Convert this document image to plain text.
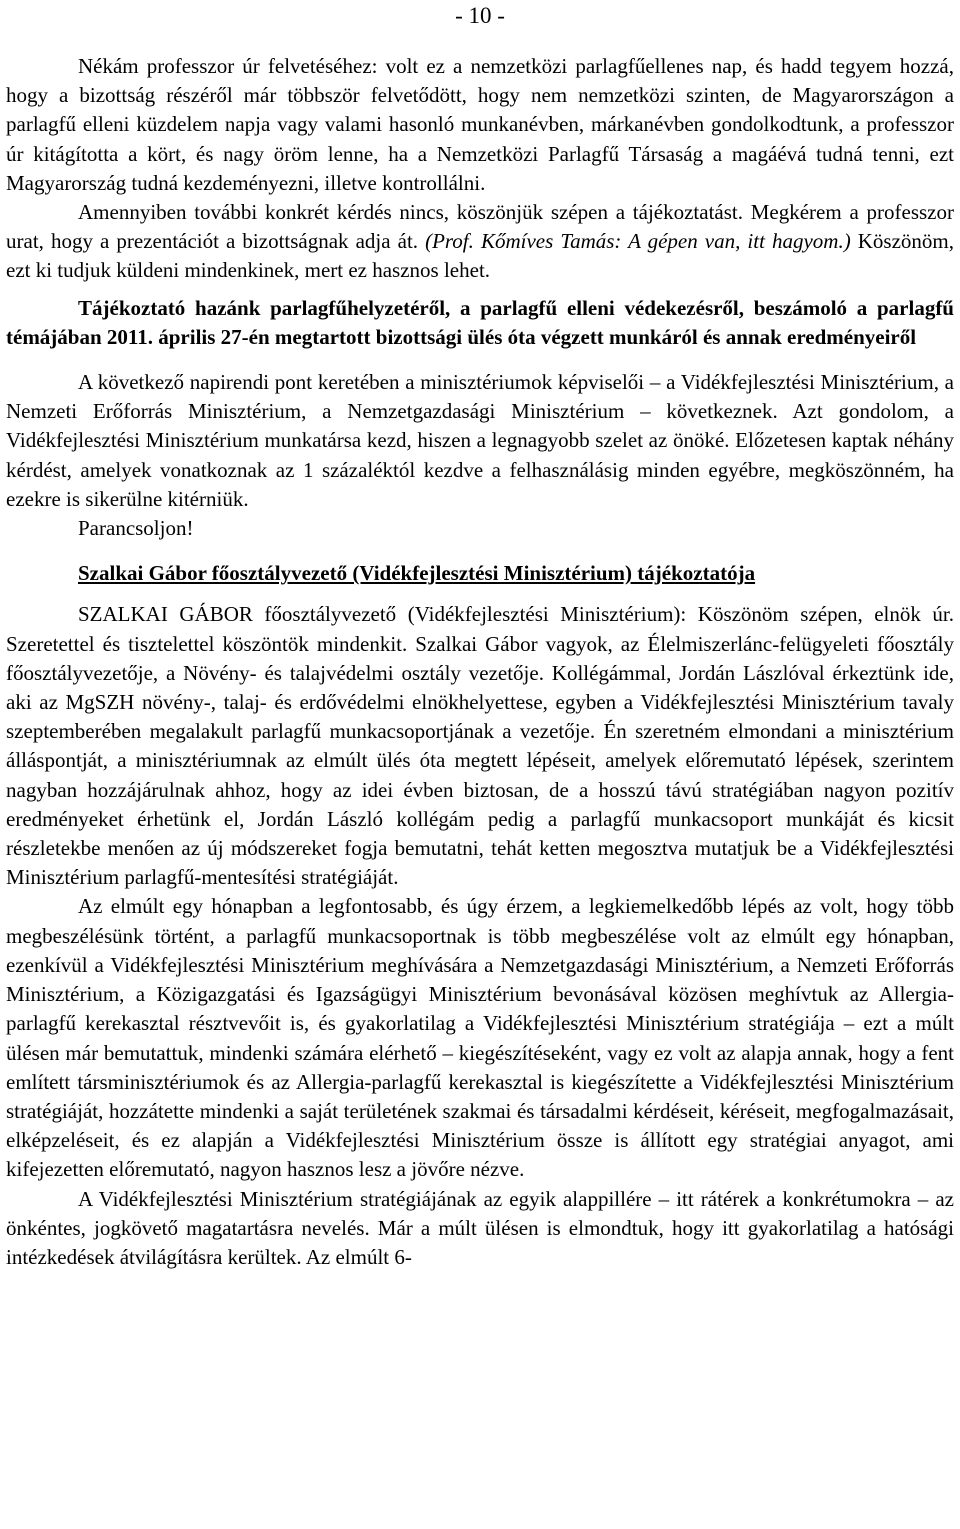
- 10 -

Nékám professzor úr felvetéséhez: volt ez a nemzetközi parlagfűellenes nap, és hadd tegyem hozzá, hogy a bizottság részéről már többször felvetődött, hogy nem nemzetközi szinten, de Magyarországon a parlagfű elleni küzdelem napja vagy valami hasonló munkanévben, márkanévben gondolkodtunk, a professzor úr kitágította a kört, és nagy öröm lenne, ha a Nemzetközi Parlagfű Társaság a magáévá tudná tenni, ezt Magyarország tudná kezdeményezni, illetve kontrollálni.

Amennyiben további konkrét kérdés nincs, köszönjük szépen a tájékoztatást. Megkérem a professzor urat, hogy a prezentációt a bizottságnak adja át. (Prof. Kőmíves Tamás: A gépen van, itt hagyom.) Köszönöm, ezt ki tudjuk küldeni mindenkinek, mert ez hasznos lehet.

Tájékoztató hazánk parlagfűhelyzetéről, a parlagfű elleni védekezésről, beszámoló a parlagfű témájában 2011. április 27-én megtartott bizottsági ülés óta végzett munkáról és annak eredményeiről

A következő napirendi pont keretében a minisztériumok képviselői – a Vidékfejlesztési Minisztérium, a Nemzeti Erőforrás Minisztérium, a Nemzetgazdasági Minisztérium – következnek. Azt gondolom, a Vidékfejlesztési Minisztérium munkatársa kezd, hiszen a legnagyobb szelet az önöké. Előzetesen kaptak néhány kérdést, amelyek vonatkoznak az 1 százaléktól kezdve a felhasználásig minden egyébre, megköszönném, ha ezekre is sikerülne kitérniük.

Parancsoljon!

Szalkai Gábor főosztályvezető (Vidékfejlesztési Minisztérium) tájékoztatója

SZALKAI GÁBOR főosztályvezető (Vidékfejlesztési Minisztérium): Köszönöm szépen, elnök úr. Szeretettel és tisztelettel köszöntök mindenkit. Szalkai Gábor vagyok, az Élelmiszerlánc-felügyeleti főosztály főosztályvezetője, a Növény- és talajvédelmi osztály vezetője. Kollégámmal, Jordán Lászlóval érkeztünk ide, aki az MgSZH növény-, talaj- és erdővédelmi elnökhelyettese, egyben a Vidékfejlesztési Minisztérium tavaly szeptemberében megalakult parlagfű munkacsoportjának a vezetője. Én szeretném elmondani a minisztérium álláspontját, a minisztériumnak az elmúlt ülés óta megtett lépéseit, amelyek előremutató lépések, szerintem nagyban hozzájárulnak ahhoz, hogy az idei évben biztosan, de a hosszú távú stratégiában nagyon pozitív eredményeket érhetünk el, Jordán László kollégám pedig a parlagfű munkacsoport munkáját és kicsit részletekbe menően az új módszereket fogja bemutatni, tehát ketten megosztva mutatjuk be a Vidékfejlesztési Minisztérium parlagfű-mentesítési stratégiáját.

Az elmúlt egy hónapban a legfontosabb, és úgy érzem, a legkiemelkedőbb lépés az volt, hogy több megbeszélésünk történt, a parlagfű munkacsoportnak is több megbeszélése volt az elmúlt egy hónapban, ezenkívül a Vidékfejlesztési Minisztérium meghívására a Nemzetgazdasági Minisztérium, a Nemzeti Erőforrás Minisztérium, a Közigazgatási és Igazságügyi Minisztérium bevonásával közösen meghívtuk az Allergia-parlagfű kerekasztal résztvevőit is, és gyakorlatilag a Vidékfejlesztési Minisztérium stratégiája – ezt a múlt ülésen már bemutattuk, mindenki számára elérhető – kiegészítéseként, vagy ez volt az alapja annak, hogy a fent említett társminisztériumok és az Allergia-parlagfű kerekasztal is kiegészítette a Vidékfejlesztési Minisztérium stratégiáját, hozzátette mindenki a saját területének szakmai és társadalmi kérdéseit, kéréseit, megfogalmazásait, elképzeléseit, és ez alapján a Vidékfejlesztési Minisztérium össze is állított egy stratégiai anyagot, ami kifejezetten előremutató, nagyon hasznos lesz a jövőre nézve.

A Vidékfejlesztési Minisztérium stratégiájának az egyik alappillére – itt rátérek a konkrétumokra – az önkéntes, jogkövető magatartásra nevelés. Már a múlt ülésen is elmondtuk, hogy itt gyakorlatilag a hatósági intézkedések átvilágításra kerültek. Az elmúlt 6-
